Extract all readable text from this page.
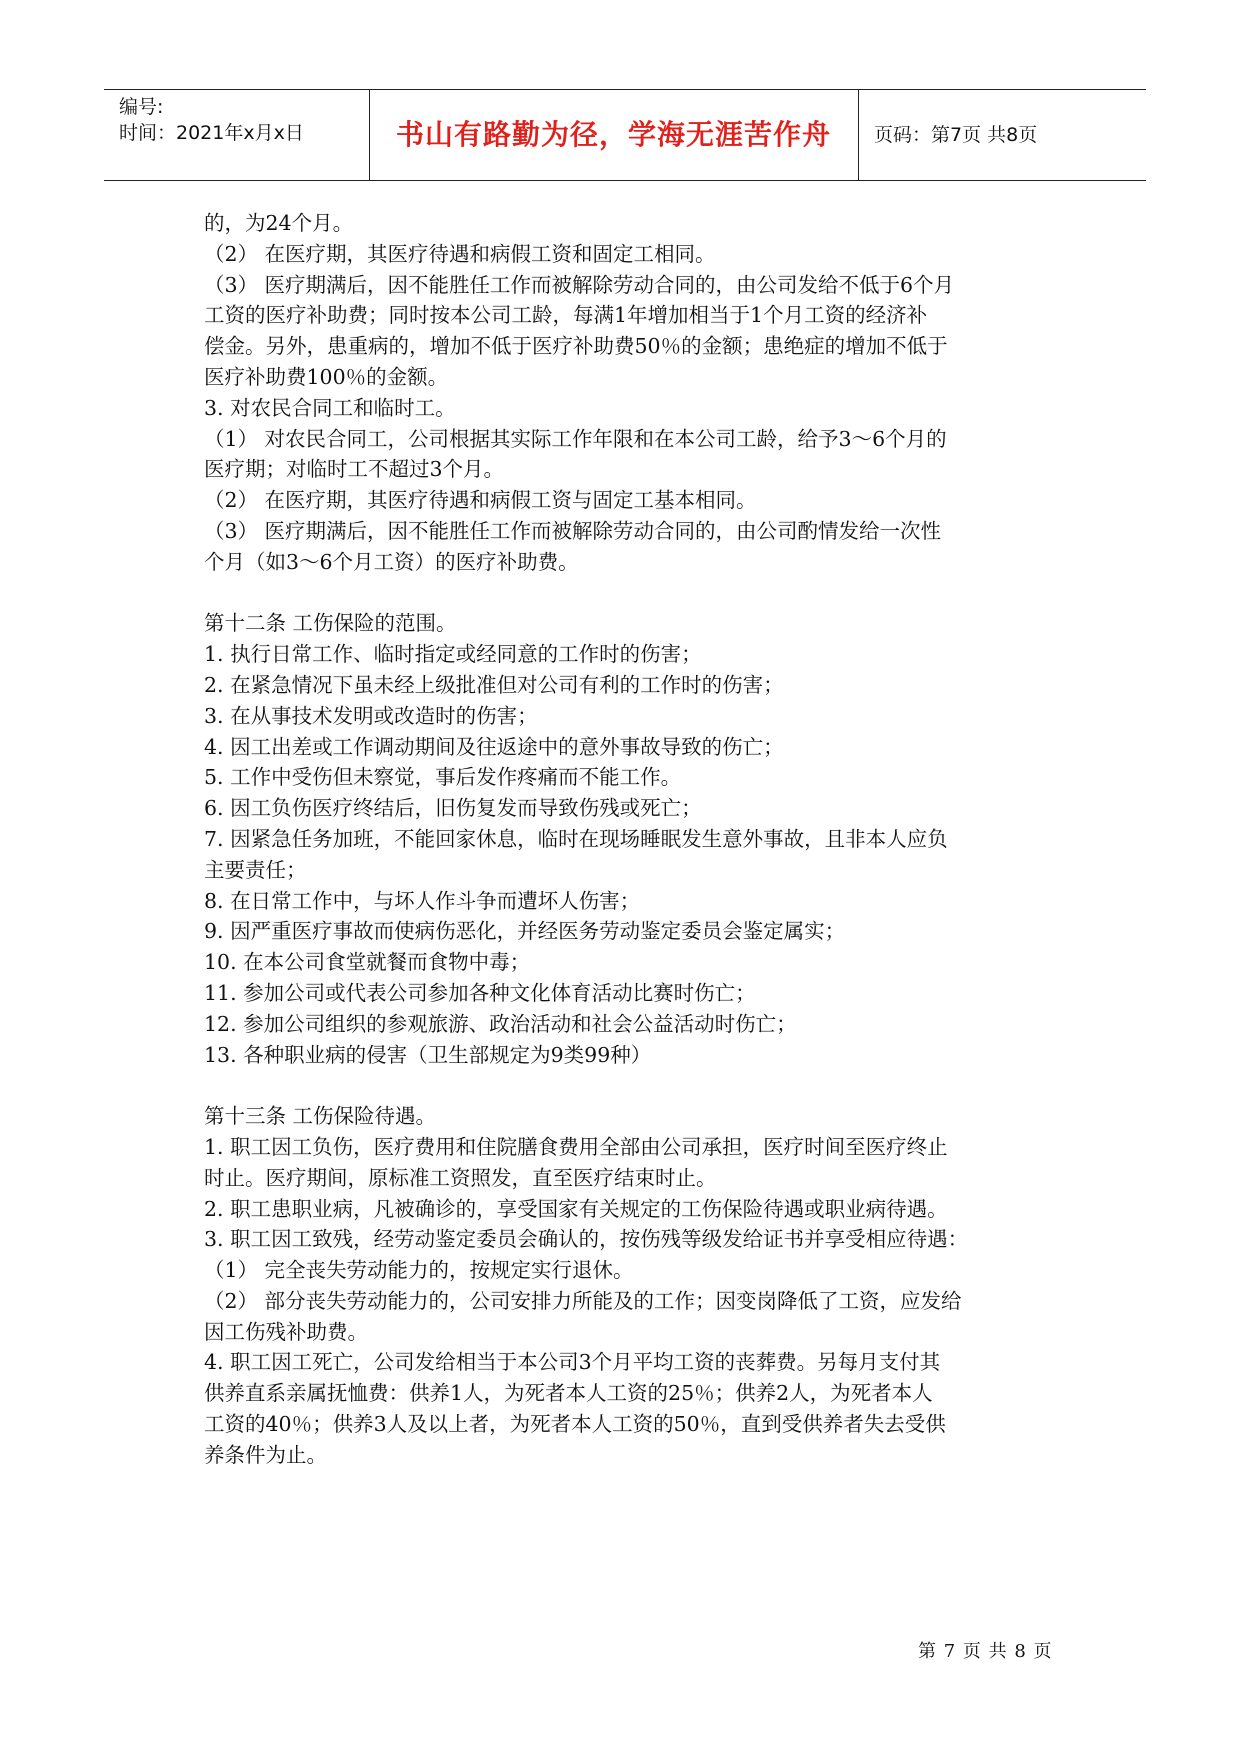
编号:
时间：2021年x月x日	书山有路勤为径，学海无涯苦作舟	页码：第7页 共8页

的，为24个月。

（2） 在医疗期，其医疗待遇和病假工资和固定工相同。

（3） 医疗期满后，因不能胜任工作而被解除劳动合同的，由公司发给不低于6个月

工资的医疗补助费；同时按本公司工龄，每满1年增加相当于1个月工资的经济补

偿金。另外，患重病的，增加不低于医疗补助费50％的金额；患绝症的增加不低于

医疗补助费100％的金额。

3. 对农民合同工和临时工。

（1） 对农民合同工，公司根据其实际工作年限和在本公司工龄，给予3～6个月的

医疗期；对临时工不超过3个月。

（2） 在医疗期，其医疗待遇和病假工资与固定工基本相同。

（3） 医疗期满后，因不能胜任工作而被解除劳动合同的，由公司酌情发给一次性

个月（如3～6个月工资）的医疗补助费。

第十二条 工伤保险的范围。

1. 执行日常工作、临时指定或经同意的工作时的伤害；

2. 在紧急情况下虽未经上级批准但对公司有利的工作时的伤害；

3. 在从事技术发明或改造时的伤害；

4. 因工出差或工作调动期间及往返途中的意外事故导致的伤亡；

5. 工作中受伤但未察觉，事后发作疼痛而不能工作。

6. 因工负伤医疗终结后，旧伤复发而导致伤残或死亡；

7. 因紧急任务加班，不能回家休息，临时在现场睡眠发生意外事故，且非本人应负

主要责任；

8. 在日常工作中，与坏人作斗争而遭坏人伤害；

9. 因严重医疗事故而使病伤恶化，并经医务劳动鉴定委员会鉴定属实；

10. 在本公司食堂就餐而食物中毒；

11. 参加公司或代表公司参加各种文化体育活动比赛时伤亡；

12. 参加公司组织的参观旅游、政治活动和社会公益活动时伤亡；

13. 各种职业病的侵害（卫生部规定为9类99种）

第十三条 工伤保险待遇。

1. 职工因工负伤，医疗费用和住院膳食费用全部由公司承担，医疗时间至医疗终止

时止。医疗期间，原标准工资照发，直至医疗结束时止。

2. 职工患职业病，凡被确诊的，享受国家有关规定的工伤保险待遇或职业病待遇。

3. 职工因工致残，经劳动鉴定委员会确认的，按伤残等级发给证书并享受相应待遇：

（1） 完全丧失劳动能力的，按规定实行退休。

（2） 部分丧失劳动能力的，公司安排力所能及的工作；因变岗降低了工资，应发给

因工伤残补助费。

4. 职工因工死亡，公司发给相当于本公司3个月平均工资的丧葬费。另每月支付其

供养直系亲属抚恤费：供养1人，为死者本人工资的25％；供养2人，为死者本人

工资的40％；供养3人及以上者，为死者本人工资的50％，直到受供养者失去受供

养条件为止。

第 7 页 共 8 页
